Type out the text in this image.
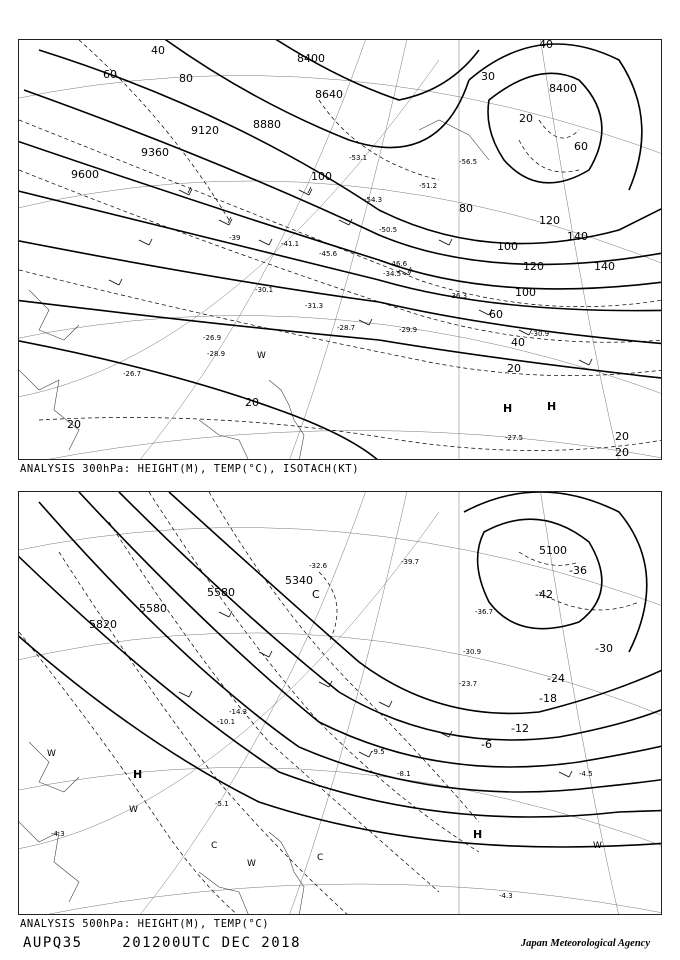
8400
8640
8880
9120
9360
9600
8400
40
60	80
100
120
140
100
60
40
20
20
20
30
20
40
60
80
100
120	140
20
20
-53.1
-54.3
-51.2
-56.5
-50.5
-36.3
-30.1
-31.3
-28.7	-29.9	-30.9
-34.5
-26.9
-28.9
-27.5
-26.7
-46.6
-45.6
-39
-41.1
W
H	H
ANALYSIS 300hPa: HEIGHT(M), TEMP(°C), ISOTACH(KT)
5100
5340
5580
5820
5580
-36
-42
-30
-24
-18
-12
-6
-39.7
-30.9
-23.7
-14.3
-9.5
-8.1	-4.5
-4.3
-5.1
-4.3
-10.1
-32.6
-36.7
C
W
H
W
C
W
C
H
W
ANALYSIS 500hPa: HEIGHT(M), TEMP(°C)
AUPQ35	201200UTC DEC 2018	Japan Meteorological Agency
